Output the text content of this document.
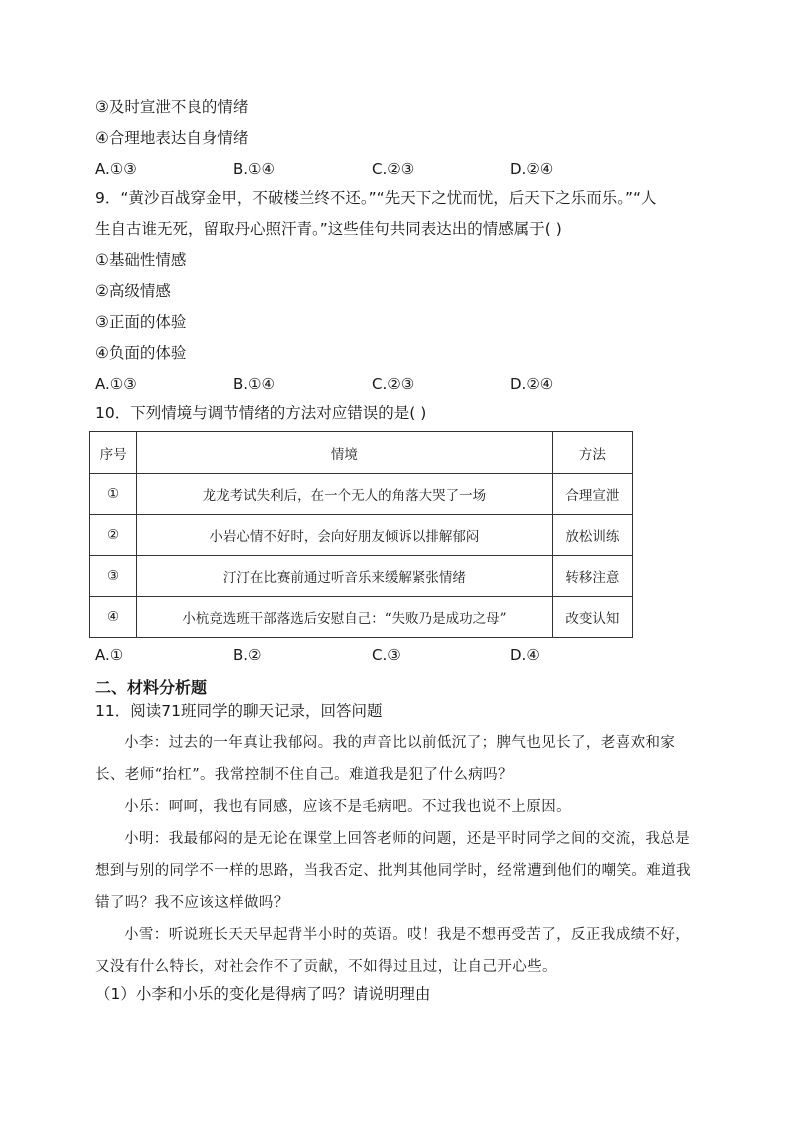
③及时宣泄不良的情绪
④合理地表达自身情绪
A.①③	B.①④	C.②③	D.②④
9．“黄沙百战穿金甲，不破楼兰终不还。”“先天下之忧而忧，后天下之乐而乐。”“人
生自古谁无死，留取丹心照汗青。”这些佳句共同表达出的情感属于( )
①基础性情感
②高级情感
③正面的体验
④负面的体验
A.①③	B.①④	C.②③	D.②④
10．下列情境与调节情绪的方法对应错误的是( )
序号	情境	方法
①	龙龙考试失利后，在一个无人的角落大哭了一场	合理宣泄
②	小岩心情不好时，会向好朋友倾诉以排解郁闷	放松训练
③	汀汀在比赛前通过听音乐来缓解紧张情绪	转移注意
④	小杭竞选班干部落选后安慰自己：“失败乃是成功之母”	改变认知
A.①	B.②	C.③	D.④
二、材料分析题
11．阅读71班同学的聊天记录，回答问题
小李：过去的一年真让我郁闷。我的声音比以前低沉了；脾气也见长了，老喜欢和家长、老师“抬杠”。我常控制不住自己。难道我是犯了什么病吗？
小乐：呵呵，我也有同感，应该不是毛病吧。不过我也说不上原因。
小明：我最郁闷的是无论在课堂上回答老师的问题，还是平时同学之间的交流，我总是想到与别的同学不一样的思路，当我否定、批判其他同学时，经常遭到他们的嘲笑。难道我错了吗？我不应该这样做吗？
小雪：听说班长天天早起背半小时的英语。哎！我是不想再受苦了，反正我成绩不好，又没有什么特长，对社会作不了贡献，不如得过且过，让自己开心些。
（1）小李和小乐的变化是得病了吗？请说明理由
